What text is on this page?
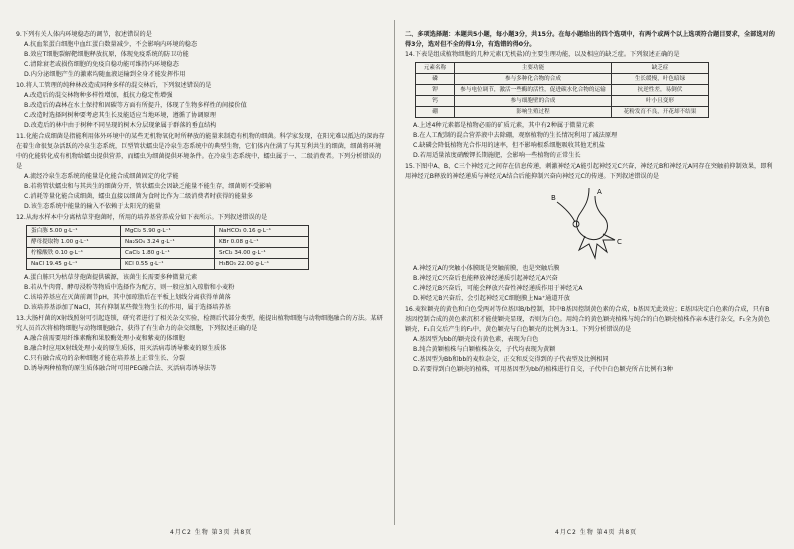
9.下列有关人体内环境稳态的调节，叙述错误的是
A.抗血浆蛋白细胞中血红蛋白数量减少，不会影响内环境的稳态
B.效应T细胞裂解靶细胞释放抗原，体现免疫系统的防卫功能
C.清除衰老或损伤细胞的免疫自稳功能可维持内环境稳态
D.内分泌细胞产生的激素均随血液运输到全身才能发挥作用
10.将人工管理的纯种林改造成同种多样的混交林后，下列叙述错误的是
A.改造后的混交林物种多样性增加，抵抗力稳定性增强
B.改造后的森林在水土保持和固碳等方面有所提升，体现了生物多样性的间接价值
C.改造时选择阿树种要考虑其生长及能适应当地环境，遵循了协调原理
D.改造后的林中由于树种不同呈现的树木分层现象属于群落的垂直结构
11.化能合成细菌是指能利用体外环境中的某些无机物氧化时所释放的能量来制造有机物的细菌。科学家发现，在阳光难以抵达的深海存在着生命很复杂活跃的冷泉生态系统，巨型管状蠕虫是冷泉生态系统中的典型生物，它们体内住满了与其互利共生的细菌，细菌将环境中的化能转化成有机物给蠕虫提供营养，而蠕虫为细菌提供环境条件。在冷泉生态系统中，蠕虫属于一、二级消费者。下列分析错误的是
A.流经冷泉生态系统的能量是化能合成细菌固定的化学能
B.若将管状蠕虫和与其共生的细菌分开，管状蠕虫会因缺乏能量不能生存，细菌则不受影响
C.消耗等量化能合成细菌，蠕虫直接以细菌为食时比作为二级消费者时获得的能量多
D.该生态系统中能量的输入不依赖于太阳光的能量
12.从海水样本中分离枯草芽孢菌时，所用的培养基营养成分如下表所示。下列叙述错误的是
蛋白胨 5.00 g·L⁻¹	MgCl₂ 5.90 g·L⁻¹	NaHCO₃ 0.16 g·L⁻¹
酵母提取物 1.00 g·L⁻¹	Na₂SO₄ 3.24 g·L⁻¹	KBr 0.08 g·L⁻¹
柠檬酸铁 0.10 g·L⁻¹	CaCl₂ 1.80 g·L⁻¹	SrCl₂ 34.00 g·L⁻¹
NaCl 19.45 g·L⁻¹	KCl 0.55 g·L⁻¹	H₃BO₃ 22.00 g·L⁻¹
A.蛋白胨只为枯草芽孢菌提供碳源，该菌生长需要多种微量元素
B.若从牛肉膏、酵母浸粉等物质中选择作为配方，则一般应加入琼脂和小麦粉
C.该培养基应在灭菌前调节pH，其中加琼脂后在平板上划线分离获得单菌落
D.该培养基添加了NaCl，其有抑制某些微生物生长的作用，属于选择培养基
13.大肠杆菌的X射线照射可引起连锁，研究者进行了相关杂交实验，检测后代部分类型，能提出植物细胞与动物细胞融合的方法。某研究人员首次将植物细胞与动物细胞融合，获得了有生命力的杂交细胞，下列叙述正确的是
A.融合前需要用纤维素酶和果胶酶处理小麦和紫麦的体细胞
B.融合时应用X射线处理小麦的原生质体，用灭活病毒诱导紫麦的原生质体
C.只有融合成功的杂种细胞才能在培养基上正常生长、分裂
D.诱导两种植物的原生质体融合时可用PEG融合法、灭活病毒诱导法等
二、多项选择题：本题共5小题，每小题3分，共15分。在每小题给出的四个选项中，有两个或两个以上选项符合题目要求，全部选对的得3分，选对但不全的得1分，有选错的得0分。
14.下表是组成植物细胞的几种元素(无机盐)的主要生理功能，以及相应的缺乏症。下列叙述正确的是
元素名称	主要功能	缺乏症
磷	参与多种化合物的合成	生长缓慢，叶色暗绿
钾	参与电位调节，激活一些酶的活性，促进碳水化合物的运输	抗逆性差，易倒伏
钙	参与细胞壁的合成	叶小且变形
硼	影响生殖过程	花粉发育不良，开花却不结果
A.上述4种元素都是植物必需的矿质元素，其中有2种属于微量元素
B.在人工配制的混合营养液中去除硼，观察植物的生长情况利用了减法原理
C.缺磷会降低植物光合作用的速率，但不影响根系细胞吸收其他无机盐
D.若用适量浓度硝酸钾长期施肥，会影响一些植物的正常生长
15.下图中A、B、C三个神经元之间存在信息传递，刺激神经元A能引起神经元C兴奋，神经元B和神经元A同存在突触前抑制效果，即利用神经元B释放的神经递质与神经元A结合后能抑制兴奋向神经元C的传递。下列叙述错误的是
A
B
C
A.神经元A的突触小体膜既是突触前膜，也是突触后膜
B.神经元C兴奋后也能释放神经递质引起神经元A兴奋
C.神经元B兴奋后，可能会释放兴奋性神经递质作用于神经元A
D.神经元B兴奋后，会引起神经元C细胞膜上Na⁺通道开放
16.麦粒颖壳的黄色和白色受两对等位基因B/b控制，其中B基因控制黄色素的合成，b基因无此效应；E基因决定白色素的合成，只有B基因控制合成的黄色素沉积才能使颖壳显现，否则为白色。用纯合的黄色颖壳植株与纯合的白色颖壳植株作亲本进行杂交，F₁全为黄色颖壳，F₁自交后产生的F₂中，黄色颖壳与白色颖壳的比例为3:1。下列分析错误的是
A.基因型为bb的颖壳没有黄色素，表现为白色
B.纯合黄颖植株与白颖植株杂交，子代均表现为黄颖
C.基因型为Bb和bb的麦粒杂交，正交和反交得到的子代表型及比例相同
D.若要得到白色颖壳的植株，可用基因型为bb的植株进行自交，子代中白色颖壳所占比例有3种
4月C2 生物 第3页 共8页	4月C2 生物 第4页 共8页
